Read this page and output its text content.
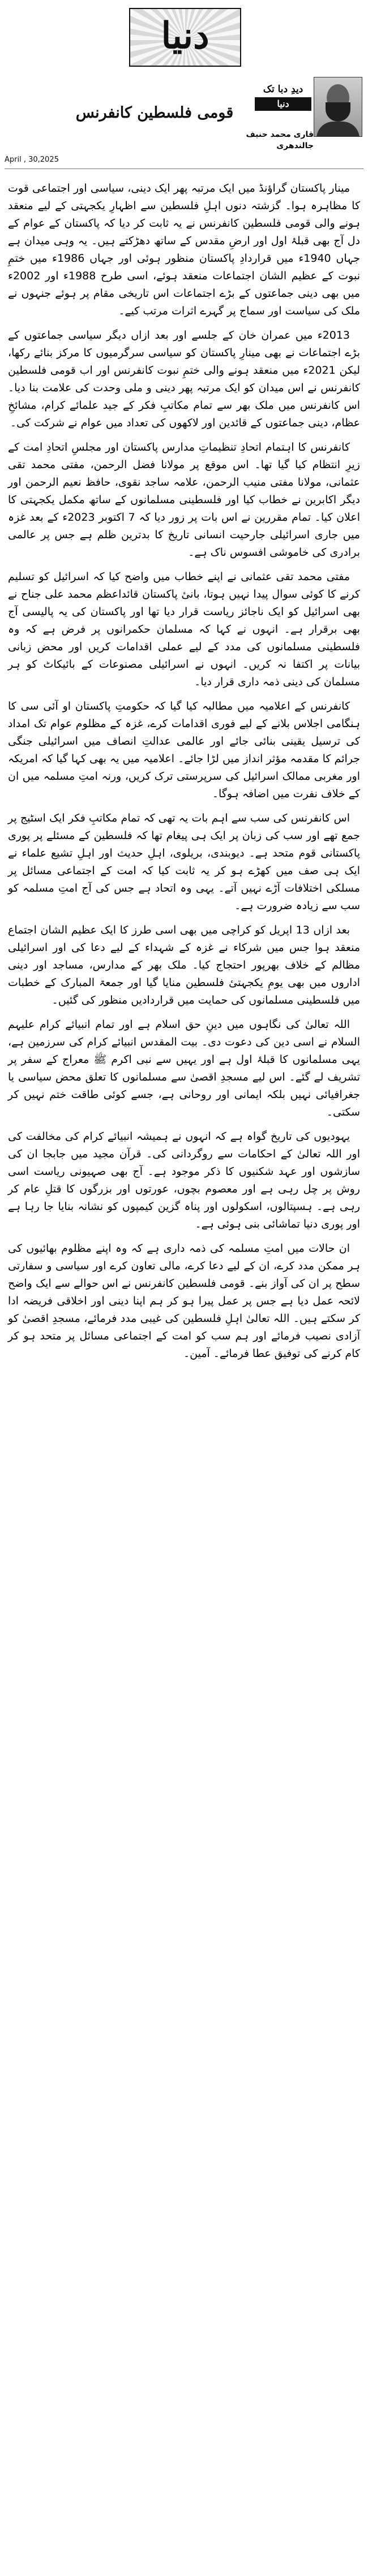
دنیا
دیدِ دبا تک
دنیا
قومی فلسطین کانفرنس
قاری محمد حنیف جالندھری
April , 30,2025

مینار پاکستان گراؤنڈ میں ایک مرتبہ پھر ایک دینی، سیاسی اور اجتماعی قوت کا مظاہرہ ہوا۔ گزشتہ دنوں اہلِ فلسطین سے اظہارِ یکجہتی کے لیے منعقد ہونے والی قومی فلسطین کانفرنس نے یہ ثابت کر دیا کہ پاکستان کے عوام کے دل آج بھی قبلۂ اول اور ارضِ مقدس کے ساتھ دھڑکتے ہیں۔ یہ وہی میدان ہے جہاں 1940ء میں قراردادِ پاکستان منظور ہوئی اور جہاں 1986ء میں ختمِ نبوت کے عظیم الشان اجتماعات منعقد ہوئے، اسی طرح 1988ء اور 2002ء میں بھی دینی جماعتوں کے بڑے اجتماعات اس تاریخی مقام پر ہوئے جنہوں نے ملک کی سیاست اور سماج پر گہرے اثرات مرتب کیے۔

2013ء میں عمران خان کے جلسے اور بعد ازاں دیگر سیاسی جماعتوں کے بڑے اجتماعات نے بھی مینارِ پاکستان کو سیاسی سرگرمیوں کا مرکز بنائے رکھا، لیکن 2021ء میں منعقد ہونے والی ختمِ نبوت کانفرنس اور اب قومی فلسطین کانفرنس نے اس میدان کو ایک مرتبہ پھر دینی و ملی وحدت کی علامت بنا دیا۔ اس کانفرنس میں ملک بھر سے تمام مکاتبِ فکر کے جید علمائے کرام، مشائخِ عظام، دینی جماعتوں کے قائدین اور لاکھوں کی تعداد میں عوام نے شرکت کی۔

کانفرنس کا اہتمام اتحادِ تنظیماتِ مدارس پاکستان اور مجلسِ اتحادِ امت کے زیرِ انتظام کیا گیا تھا۔ اس موقع پر مولانا فضل الرحمن، مفتی محمد تقی عثمانی، مولانا مفتی منیب الرحمن، علامہ ساجد نقوی، حافظ نعیم الرحمن اور دیگر اکابرین نے خطاب کیا اور فلسطینی مسلمانوں کے ساتھ مکمل یکجہتی کا اعلان کیا۔ تمام مقررین نے اس بات پر زور دیا کہ 7 اکتوبر 2023ء کے بعد غزہ میں جاری اسرائیلی جارحیت انسانی تاریخ کا بدترین ظلم ہے جس پر عالمی برادری کی خاموشی افسوس ناک ہے۔

مفتی محمد تقی عثمانی نے اپنے خطاب میں واضح کیا کہ اسرائیل کو تسلیم کرنے کا کوئی سوال پیدا نہیں ہوتا، بانیٔ پاکستان قائداعظم محمد علی جناح نے بھی اسرائیل کو ایک ناجائز ریاست قرار دیا تھا اور پاکستان کی یہ پالیسی آج بھی برقرار ہے۔ انہوں نے کہا کہ مسلمان حکمرانوں پر فرض ہے کہ وہ فلسطینی مسلمانوں کی مدد کے لیے عملی اقدامات کریں اور محض زبانی بیانات پر اکتفا نہ کریں۔ انہوں نے اسرائیلی مصنوعات کے بائیکاٹ کو ہر مسلمان کی دینی ذمہ داری قرار دیا۔

کانفرنس کے اعلامیہ میں مطالبہ کیا گیا کہ حکومتِ پاکستان او آئی سی کا ہنگامی اجلاس بلانے کے لیے فوری اقدامات کرے، غزہ کے مظلوم عوام تک امداد کی ترسیل یقینی بنائی جائے اور عالمی عدالتِ انصاف میں اسرائیلی جنگی جرائم کا مقدمہ مؤثر انداز میں لڑا جائے۔ اعلامیہ میں یہ بھی کہا گیا کہ امریکہ اور مغربی ممالک اسرائیل کی سرپرستی ترک کریں، ورنہ امتِ مسلمہ میں ان کے خلاف نفرت میں اضافہ ہوگا۔

اس کانفرنس کی سب سے اہم بات یہ تھی کہ تمام مکاتبِ فکر ایک اسٹیج پر جمع تھے اور سب کی زبان پر ایک ہی پیغام تھا کہ فلسطین کے مسئلے پر پوری پاکستانی قوم متحد ہے۔ دیوبندی، بریلوی، اہلِ حدیث اور اہلِ تشیع علماء نے ایک ہی صف میں کھڑے ہو کر یہ ثابت کیا کہ امت کے اجتماعی مسائل پر مسلکی اختلافات آڑے نہیں آتے۔ یہی وہ اتحاد ہے جس کی آج امتِ مسلمہ کو سب سے زیادہ ضرورت ہے۔

بعد ازاں 13 اپریل کو کراچی میں بھی اسی طرز کا ایک عظیم الشان اجتماع منعقد ہوا جس میں شرکاء نے غزہ کے شہداء کے لیے دعا کی اور اسرائیلی مظالم کے خلاف بھرپور احتجاج کیا۔ ملک بھر کے مدارس، مساجد اور دینی اداروں میں بھی یومِ یکجہتیٔ فلسطین منایا گیا اور جمعۃ المبارک کے خطبات میں فلسطینی مسلمانوں کی حمایت میں قراردادیں منظور کی گئیں۔

اللہ تعالیٰ کی نگاہوں میں دینِ حق اسلام ہے اور تمام انبیائے کرام علیہم السلام نے اسی دین کی دعوت دی۔ بیت المقدس انبیائے کرام کی سرزمین ہے، یہی مسلمانوں کا قبلۂ اول ہے اور یہیں سے نبی اکرم ﷺ معراج کے سفر پر تشریف لے گئے۔ اس لیے مسجدِ اقصیٰ سے مسلمانوں کا تعلق محض سیاسی یا جغرافیائی نہیں بلکہ ایمانی اور روحانی ہے، جسے کوئی طاقت ختم نہیں کر سکتی۔

یہودیوں کی تاریخ گواہ ہے کہ انہوں نے ہمیشہ انبیائے کرام کی مخالفت کی اور اللہ تعالیٰ کے احکامات سے روگردانی کی۔ قرآن مجید میں جابجا ان کی سازشوں اور عہد شکنیوں کا ذکر موجود ہے۔ آج بھی صہیونی ریاست اسی روش پر چل رہی ہے اور معصوم بچوں، عورتوں اور بزرگوں کا قتلِ عام کر رہی ہے۔ ہسپتالوں، اسکولوں اور پناہ گزین کیمپوں کو نشانہ بنایا جا رہا ہے اور پوری دنیا تماشائی بنی ہوئی ہے۔

ان حالات میں امتِ مسلمہ کی ذمہ داری ہے کہ وہ اپنے مظلوم بھائیوں کی ہر ممکن مدد کرے، ان کے لیے دعا کرے، مالی تعاون کرے اور سیاسی و سفارتی سطح پر ان کی آواز بنے۔ قومی فلسطین کانفرنس نے اس حوالے سے ایک واضح لائحہ عمل دیا ہے جس پر عمل پیرا ہو کر ہم اپنا دینی اور اخلاقی فریضہ ادا کر سکتے ہیں۔ اللہ تعالیٰ اہلِ فلسطین کی غیبی مدد فرمائے، مسجدِ اقصیٰ کو آزادی نصیب فرمائے اور ہم سب کو امت کے اجتماعی مسائل پر متحد ہو کر کام کرنے کی توفیق عطا فرمائے۔ آمین۔
